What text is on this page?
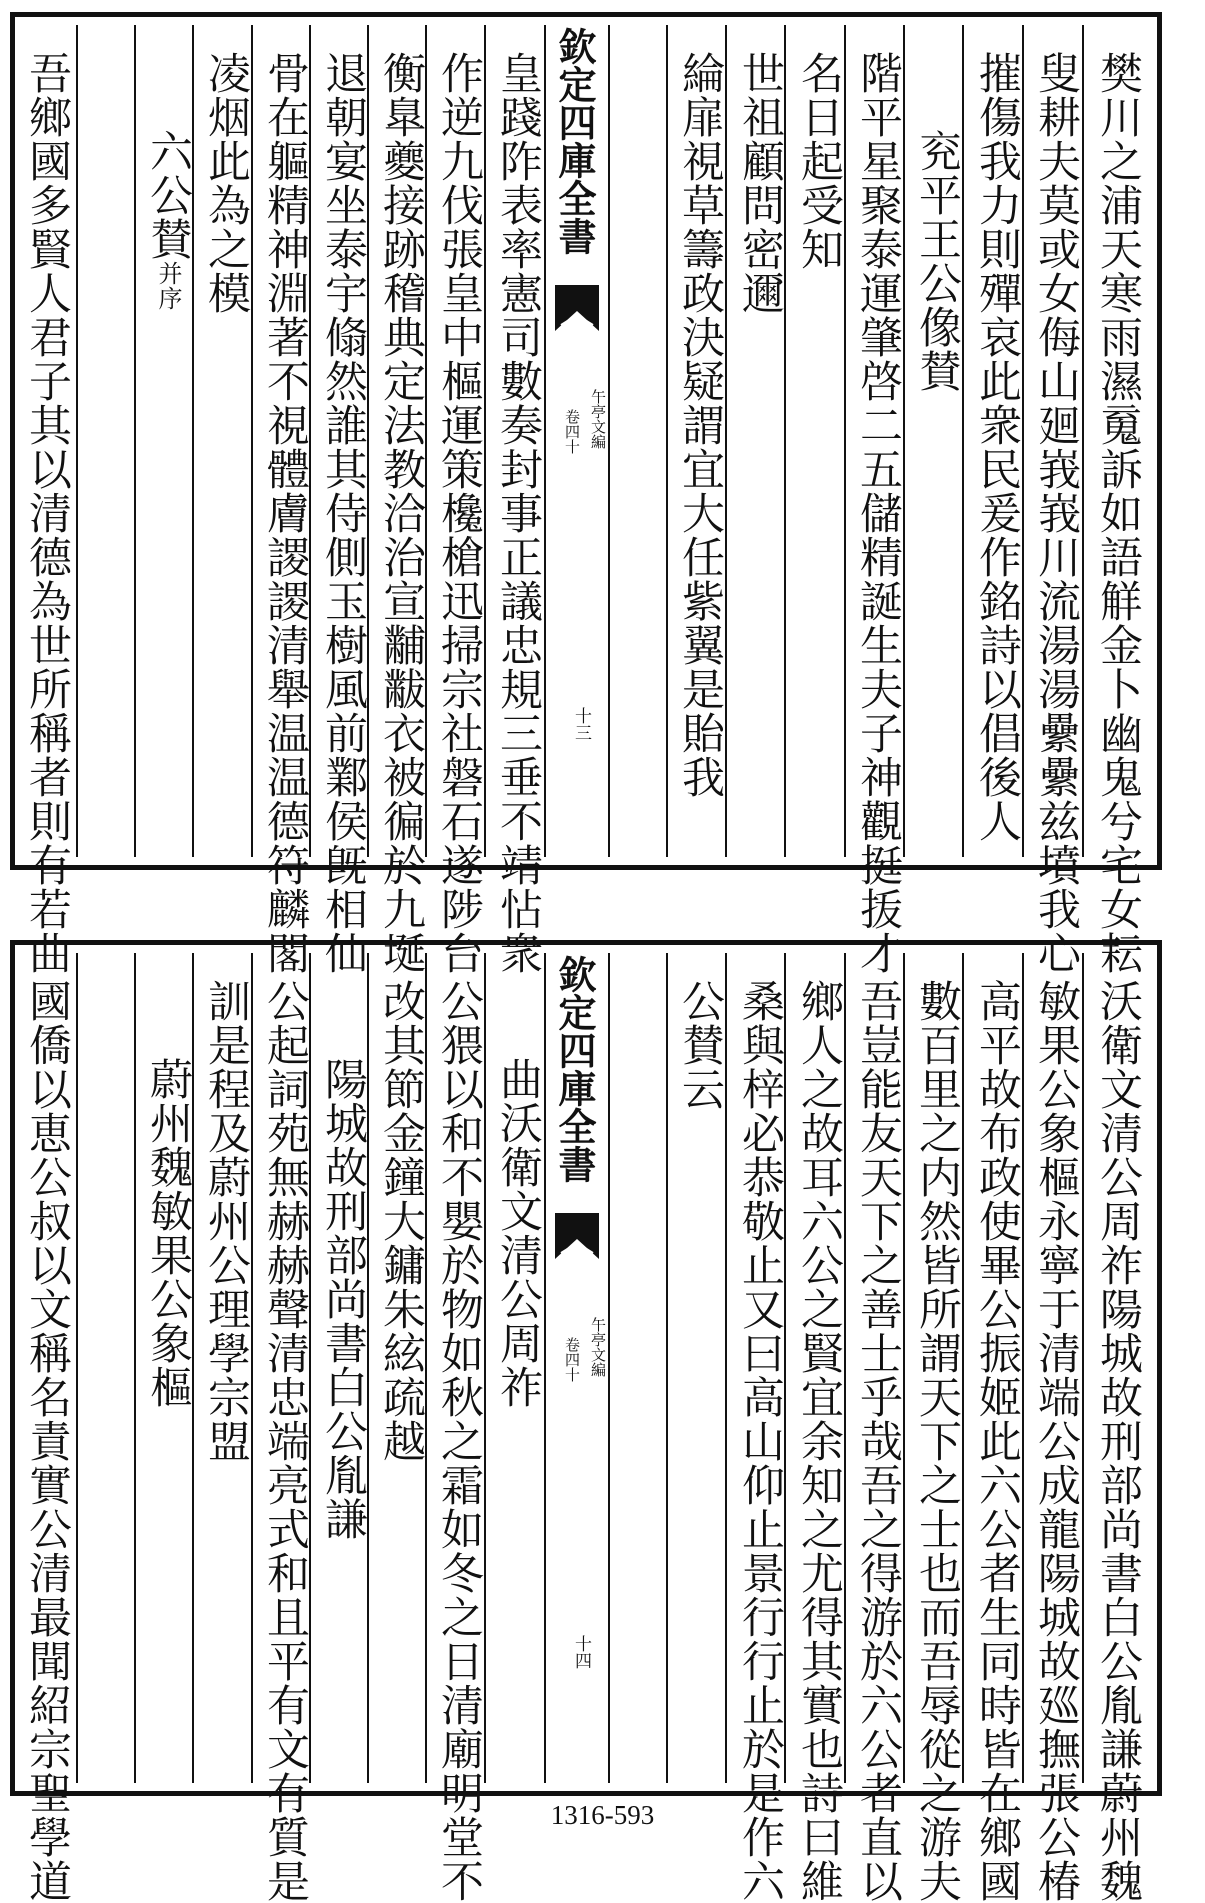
欽定四庫全書
午亭文編
卷四十
十三	樊川之浦天寒雨濕䰟訴如語觧金卜幽鬼兮宅女耘
叟耕夫莫或女侮山廻峩峩川流湯湯纍纍兹墳我心
摧傷我力則殫哀此衆民爰作銘詩以倡後人
兖平王公像賛
階平星聚泰運肇啓二五儲精誕生夫子神觀挺㧞才
名日起受知
世祖顧問密邇
綸扉視草籌政決疑謂宜大任紫翼是貽我
皇踐阼表率憲司數奏封事正議忠規三垂不靖怗衆
作逆九伐張皇中樞運策欃槍迅掃宗社磐石遂陟台
衡臯夔接跡稽典定法教洽治宣黼黻衣被徧於九埏
退朝宴坐泰宇翛然誰其侍側玉樹風前鄴侯旣相仙
骨在軀精神淵著不視體膚謖謖清舉温温德符麟閣
凌烟此為之模
六公賛并序
吾鄉國多賢人君子其以清德為世所稱者則有若曲
欽定四庫全書
午亭文編
卷四十
十四	沃衛文清公周祚陽城故刑部尚書白公胤謙蔚州魏
敏果公象樞永寧于清端公成龍陽城故廵撫張公椿
高平故布政使畢公振姬此六公者生同時皆在鄉國
數百里之内然皆所謂天下之士也而吾辱從之游夫
吾豈能友天下之善士乎哉吾之得游於六公者直以
鄉人之故耳六公之賢宜余知之尤得其實也詩曰維
桑與梓必恭敬止又曰高山仰止景行行止於是作六
公賛云
曲沃衛文清公周祚
公猥以和不嬰於物如秋之霜如冬之日清廟明堂不
改其節金鐘大鏞朱絃疏越
陽城故刑部尚書白公胤謙
公起詞苑無赫赫聲清忠端亮式和且平有文有質是
訓是程及蔚州公理學宗盟
蔚州魏敏果公象樞
國僑以恵公叔以文稱名責實公清最聞紹宗聖學道	1316-593
